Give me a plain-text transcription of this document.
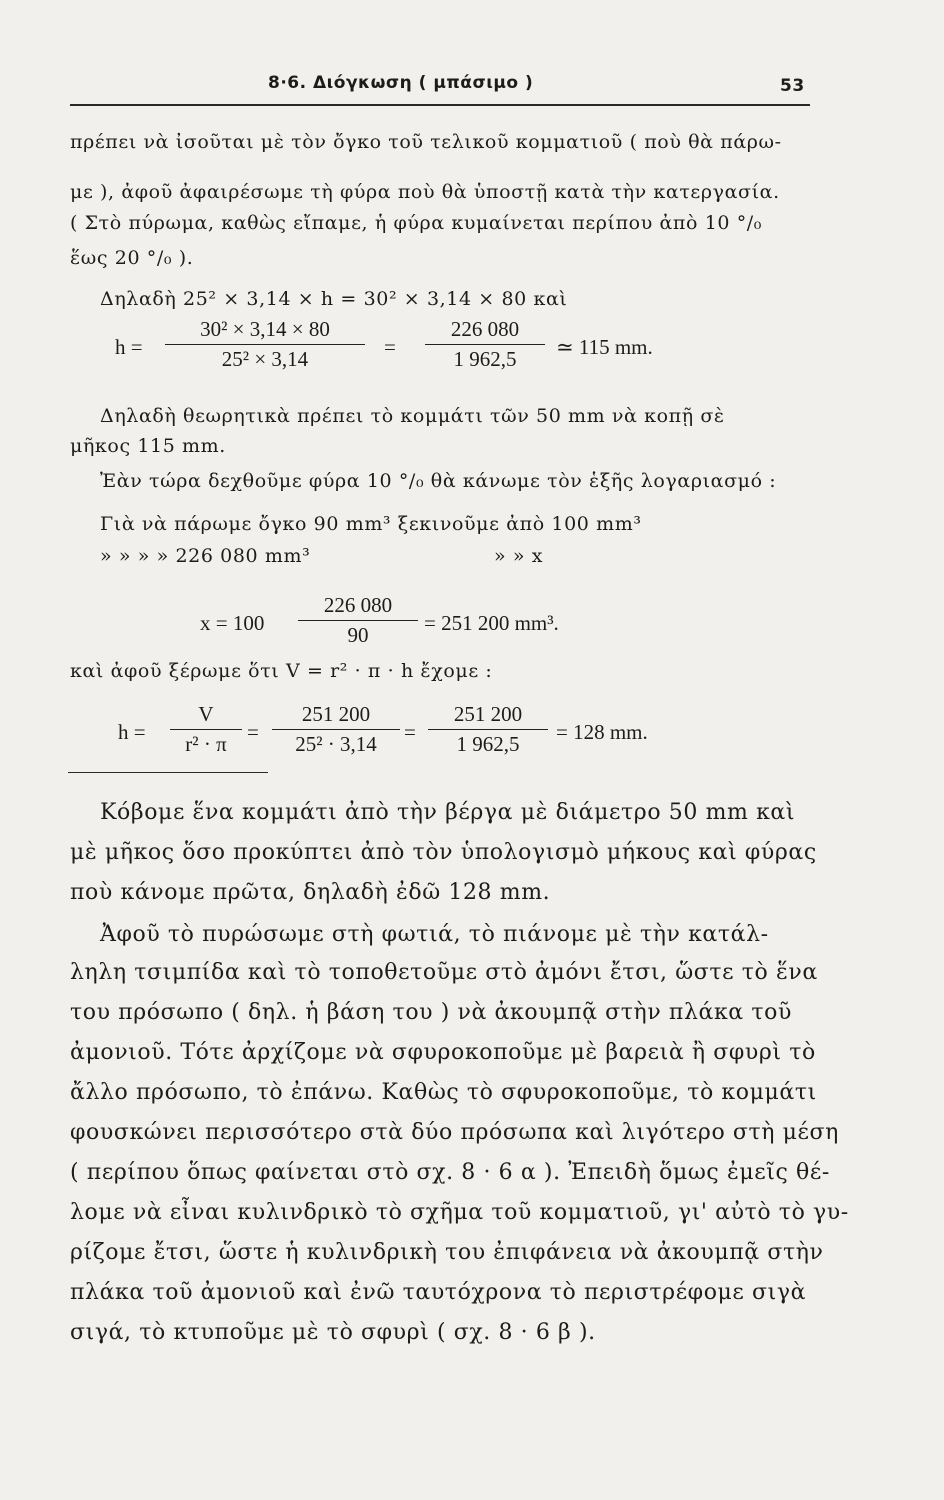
8·6. Διόγκωση ( μπάσιμο )	53
πρέπει νὰ ἰσοῦται μὲ τὸν ὄγκο τοῦ τελικοῦ κομματιοῦ ( ποὺ θὰ πάρω-
με ), ἀφοῦ ἀφαιρέσωμε τὴ φύρα ποὺ θὰ ὑποστῇ κατὰ τὴν κατεργασία.
( Στὸ πύρωμα, καθὼς εἴπαμε, ἡ φύρα κυμαίνεται περίπου ἀπὸ 10 °/₀
ἕως 20 °/₀ ).
Δηλαδὴ 25² × 3,14 × h = 30² × 3,14 × 80 καὶ
h =
30² × 3,14 × 80
25² × 3,14
=
226 080
1 962,5
≃ 115 mm.
Δηλαδὴ θεωρητικὰ πρέπει τὸ κομμάτι τῶν 50 mm νὰ κοπῇ σὲ
μῆκος 115 mm.
Ἐὰν τώρα δεχθοῦμε φύρα 10 °/₀ θὰ κάνωμε τὸν ἑξῆς λογαριασμό :
Γιὰ νὰ πάρωμε ὄγκο 90 mm³ ξεκινοῦμε ἀπὸ 100 mm³
» » » » 226 080 mm³	» » x
x = 100
226 080
90
= 251 200 mm³.
καὶ ἀφοῦ ξέρωμε ὅτι V = r² · π · h ἔχομε :
h =
V
r² · π
=
251 200
25² · 3,14
=
251 200
1 962,5
= 128 mm.
Κόβομε ἕνα κομμάτι ἀπὸ τὴν βέργα μὲ διάμετρο 50 mm καὶ
μὲ μῆκος ὅσο προκύπτει ἀπὸ τὸν ὑπολογισμὸ μήκους καὶ φύρας
ποὺ κάνομε πρῶτα, δηλαδὴ ἐδῶ 128 mm.
Ἀφοῦ τὸ πυρώσωμε στὴ φωτιά, τὸ πιάνομε μὲ τὴν κατάλ-
ληλη τσιμπίδα καὶ τὸ τοποθετοῦμε στὸ ἀμόνι ἔτσι, ὥστε τὸ ἕνα
του πρόσωπο ( δηλ. ἡ βάση του ) νὰ ἀκουμπᾷ στὴν πλάκα τοῦ
ἀμονιοῦ. Τότε ἀρχίζομε νὰ σφυροκοποῦμε μὲ βαρειὰ ἢ σφυρὶ τὸ
ἄλλο πρόσωπο, τὸ ἐπάνω. Καθὼς τὸ σφυροκοποῦμε, τὸ κομμάτι
φουσκώνει περισσότερο στὰ δύο πρόσωπα καὶ λιγότερο στὴ μέση
( περίπου ὅπως φαίνεται στὸ σχ. 8 · 6 α ). Ἐπειδὴ ὅμως ἐμεῖς θέ-
λομε νὰ εἶναι κυλινδρικὸ τὸ σχῆμα τοῦ κομματιοῦ, γι' αὐτὸ τὸ γυ-
ρίζομε ἔτσι, ὥστε ἡ κυλινδρικὴ του ἐπιφάνεια νὰ ἀκουμπᾷ στὴν
πλάκα τοῦ ἀμονιοῦ καὶ ἐνῶ ταυτόχρονα τὸ περιστρέφομε σιγὰ
σιγά, τὸ κτυποῦμε μὲ τὸ σφυρὶ ( σχ. 8 · 6 β ).
